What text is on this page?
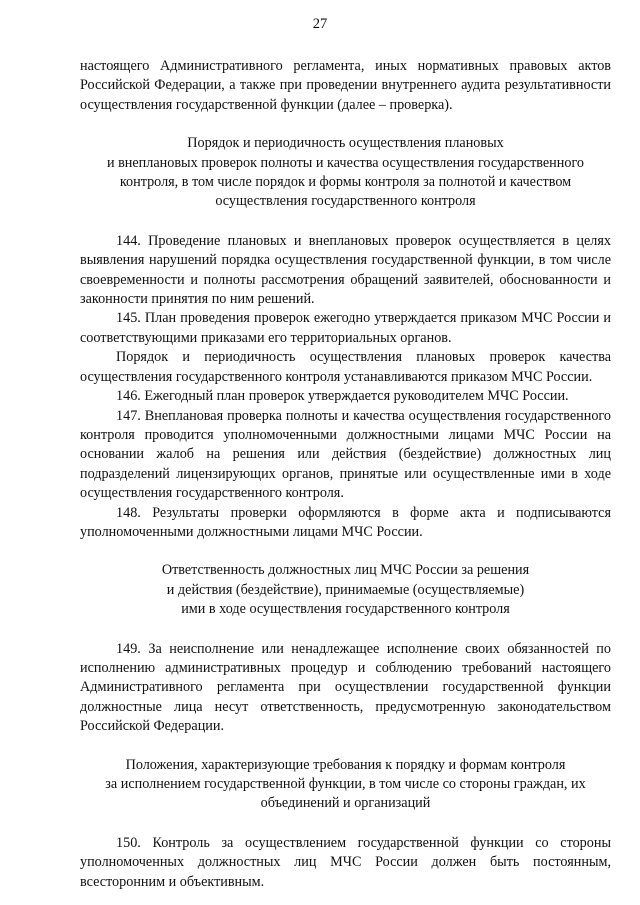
27

настоящего Административного регламента, иных нормативных правовых актов Российской Федерации, а также при проведении внутреннего аудита результативности осуществления государственной функции (далее – проверка).

Порядок и периодичность осуществления плановых
и внеплановых проверок полноты и качества осуществления государственного
контроля, в том числе порядок и формы контроля за полнотой и качеством
осуществления государственного контроля

144. Проведение плановых и внеплановых проверок осуществляется в целях выявления нарушений порядка осуществления государственной функции, в том числе своевременности и полноты рассмотрения обращений заявителей, обоснованности и законности принятия по ним решений.

145. План проведения проверок ежегодно утверждается приказом МЧС России и соответствующими приказами его территориальных органов.

Порядок и периодичность осуществления плановых проверок качества осуществления государственного контроля устанавливаются приказом МЧС России.

146. Ежегодный план проверок утверждается руководителем МЧС России.

147. Внеплановая проверка полноты и качества осуществления государственного контроля проводится уполномоченными должностными лицами МЧС России на основании жалоб на решения или действия (бездействие) должностных лиц подразделений лицензирующих органов, принятые или осуществленные ими в ходе осуществления государственного контроля.

148. Результаты проверки оформляются в форме акта и подписываются уполномоченными должностными лицами МЧС России.

Ответственность должностных лиц МЧС России за решения
и действия (бездействие), принимаемые (осуществляемые)
ими в ходе осуществления государственного контроля

149. За неисполнение или ненадлежащее исполнение своих обязанностей по исполнению административных процедур и соблюдению требований настоящего Административного регламента при осуществлении государственной функции должностные лица несут ответственность, предусмотренную законодательством Российской Федерации.

Положения, характеризующие требования к порядку и формам контроля
за исполнением государственной функции, в том числе со стороны граждан, их
объединений и организаций

150. Контроль за осуществлением государственной функции со стороны уполномоченных должностных лиц МЧС России должен быть постоянным, всесторонним и объективным.
